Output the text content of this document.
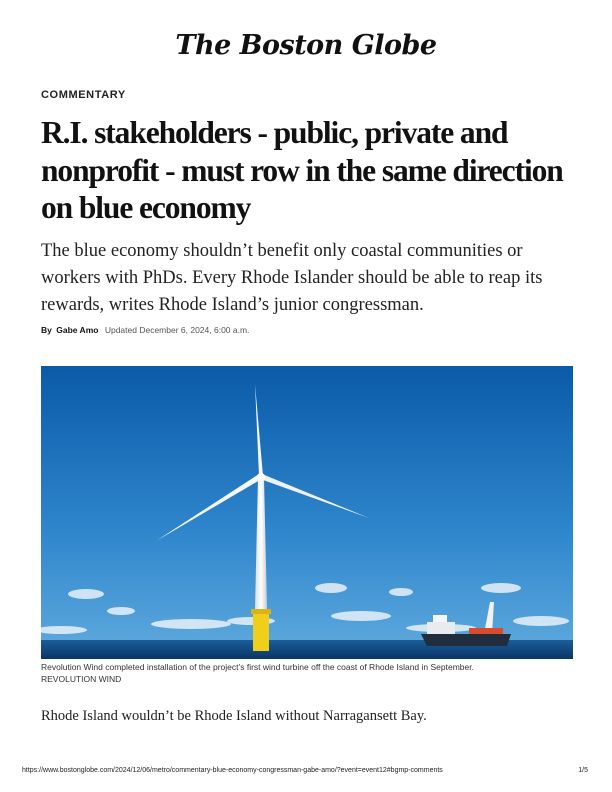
The Boston Globe
COMMENTARY
R.I. stakeholders - public, private and nonprofit - must row in the same direction on blue economy

The blue economy shouldn’t benefit only coastal communities or workers with PhDs. Every Rhode Islander should be able to reap its rewards, writes Rhode Island’s junior congressman.

By Gabe Amo Updated December 6, 2024, 6:00 a.m.
Revolution Wind completed installation of the project’s first wind turbine off the coast of Rhode Island in September. REVOLUTION WIND

Rhode Island wouldn’t be Rhode Island without Narragansett Bay.

https://www.bostonglobe.com/2024/12/06/metro/commentary-blue-economy-congressman-gabe-amo/?event=event12#bgmp-comments	1/5
